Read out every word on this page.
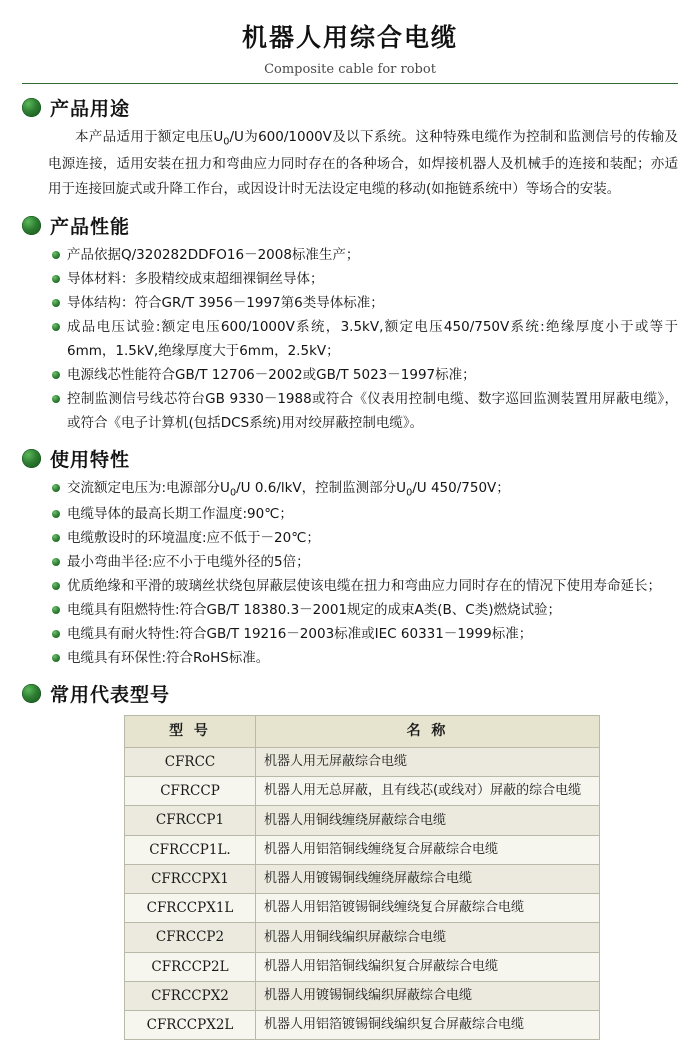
机器人用综合电缆
Composite cable for robot
产品用途

本产品适用于额定电压$U_0/U$为600/1000V及以下系统。这种特殊电缆作为控制和监测信号的传输及电源连接，适用安装在扭力和弯曲应力同时存在的各种场合，如焊接机器人及机械手的连接和装配；亦适用于连接回旋式或升降工作台，或因设计时无法设定电缆的移动(如拖链系统中）等场合的安装。

产品性能
产品依据Q/320282DDFO16－2008标准生产；
导体材料：多股精绞成束超细裸铜丝导体；
导体结构：符合GR/T 3956－1997第6类导体标准；
成品电压试验:额定电压600/1000V系统，3.5kV,额定电压450/750V系统:绝缘厚度小于或等于6mm，1.5kV,绝缘厚度大于6mm，2.5kV；
电源线芯性能符合GB/T 12706－2002或GB/T 5023－1997标准；
控制监测信号线芯符台GB 9330－1988或符合《仪表用控制电缆、数字巡回监测装置用屏蔽电缆》，或符合《电子计算机(包括DCS系统)用对绞屏蔽控制电缆》。
使用特性
交流额定电压为:电源部分$U_0/U$ 0.6/lkV，控制监测部分$U_0/U$ 450/750V；
电缆导体的最高长期工作温度:90℃；
电缆敷设时的环境温度:应不低于－20℃；
最小弯曲半径:应不小于电缆外径的5倍；
优质绝缘和平滑的玻璃丝状绕包屏蔽层使该电缆在扭力和弯曲应力同时存在的情况下使用寿命延长；
电缆具有阻燃特性:符合GB/T 18380.3－2001规定的成束A类(B、C类)燃烧试验；
电缆具有耐火特性:符合GB/T 19216－2003标准或IEC 60331－1999标准；
电缆具有环保性:符合RoHS标准。
常用代表型号
型 号	名 称
CFRCC	机器人用无屏蔽综合电缆
CFRCCP	机器人用无总屏蔽，且有线芯(或线对）屏蔽的综合电缆
CFRCCP1	机器人用铜线缠绕屏蔽综合电缆
CFRCCP1L.	机器人用铝箔铜线缠绕复合屏蔽综合电缆
CFRCCPX1	机器人用镀锡铜线缠绕屏蔽综合电缆
CFRCCPX1L	机器人用铝箔镀锡铜线缠绕复合屏蔽综合电缆
CFRCCP2	机器人用铜线编织屏蔽综合电缆
CFRCCP2L	机器人用铝箔铜线编织复合屏蔽综合电缆
CFRCCPX2	机器人用镀锡铜线编织屏蔽综合电缆
CFRCCPX2L	机器人用铝箔镀锡铜线编织复合屏蔽综合电缆
